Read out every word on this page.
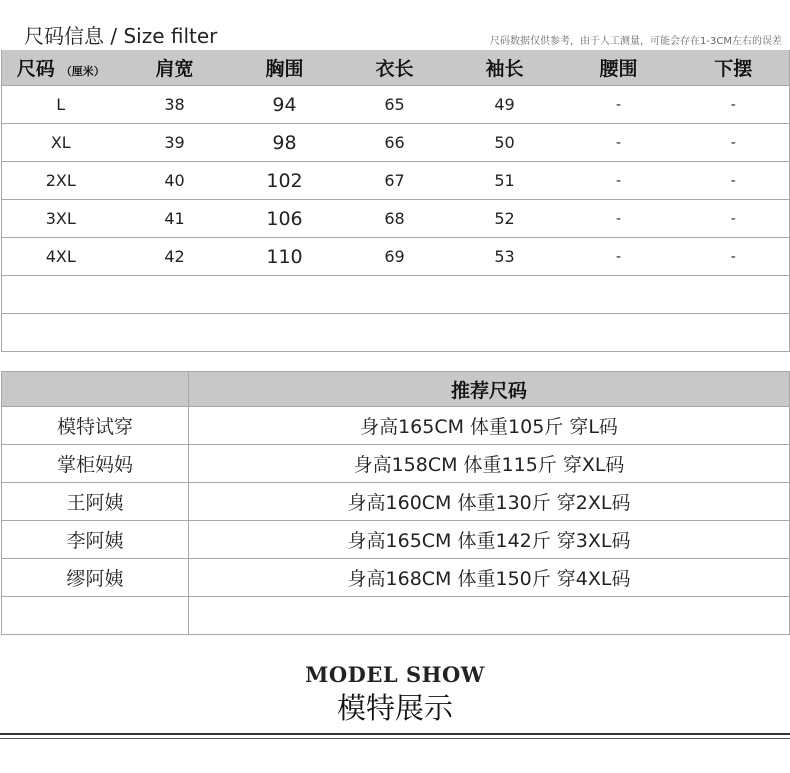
尺码信息 / Size filter	尺码数据仅供参考，由于人工测量，可能会存在1-3CM左右的误差
尺码 （厘米）	肩宽	胸围	衣长	袖长	腰围	下摆
L	38	94	65	49	-	-
XL	39	98	66	50	-	-
2XL	40	102	67	51	-	-
3XL	41	106	68	52	-	-
4XL	42	110	69	53	-	-

	推荐尺码
模特试穿	身高165CM 体重105斤 穿L码
掌柜妈妈	身高158CM 体重115斤 穿XL码
王阿姨	身高160CM 体重130斤 穿2XL码
李阿姨	身高165CM 体重142斤 穿3XL码
缪阿姨	身高168CM 体重150斤 穿4XL码

MODEL SHOW
模特展示
